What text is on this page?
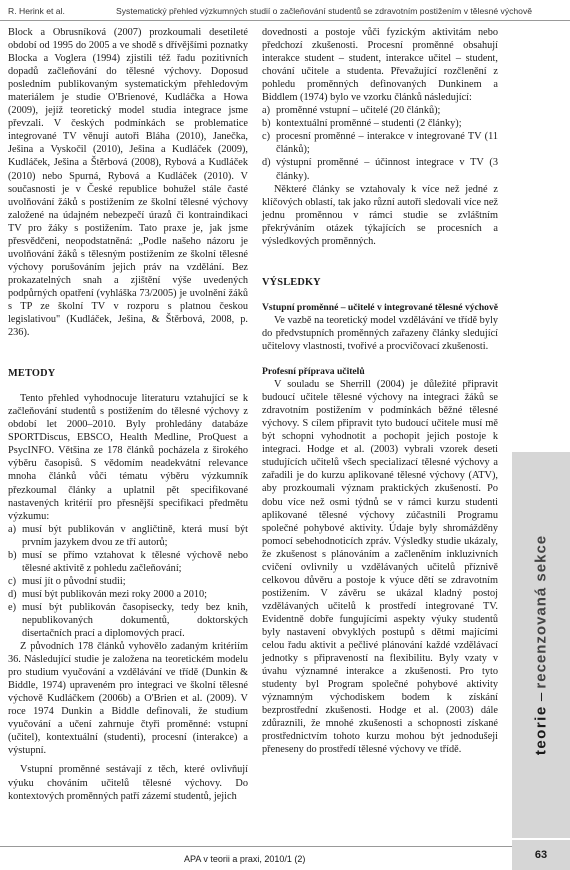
R. Herink et al.	Systematický přehled výzkumných studií o začleňování studentů se zdravotním postižením v tělesné výchově

Block a Obrusníková (2007) prozkoumali desetileté období od 1995 do 2005 a ve shodě s dřívějšími poznatky Blocka a Voglera (1994) zjistili též řadu pozitivních dopadů začleňování do tělesné výchovy. Doposud posledním publikovaným systematickým přehledovým materiálem je studie O'Brienové, Kudláčka a Howa (2009), jejíž teoretický model studia integrace jsme převzali. V českých podmínkách se problematice integrované TV věnují autoři Bláha (2010), Janečka, Ješina a Vyskočil (2010), Ješina a Kudláček (2009), Kudláček, Ješina a Štěrbová (2008), Rybová a Kudláček (2010) nebo Spurná, Rybová a Kudláček (2010). V současnosti je v České republice bohužel stále časté uvolňování žáků s postižením ze školní tělesné výchovy založené na údajném nebezpečí úrazů či kontraindikaci TV pro žáky s postižením. Tato praxe je, jak jsme přesvědčeni, neopodstatněná: „Podle našeho názoru je uvolňování žáků s tělesným postižením ze školní tělesné výchovy porušováním jejich práv na vzdělání. Bez prokazatelných snah a zjištění výše uvedených podpůrných opatření (vyhláška 73/2005) je uvolnění žáků s TP ze školní TV v rozporu s platnou českou legislativou" (Kudláček, Ješina, & Štěrbová, 2008, p. 236).

METODY

Tento přehled vyhodnocuje literaturu vztahující se k začleňování studentů s postižením do tělesné výchovy z období let 2000–2010. Byly prohledány databáze SPORTDiscus, EBSCO, Health Medline, ProQuest a PsycINFO. Většina ze 178 článků pocházela z širokého výběru časopisů. S vědomím neadekvátní relevance mnoha článků vůči tématu výběru výzkumník přezkoumal články a uplatnil pět specifikované nastavených kritérií pro přesnější specifikaci předmětu výzkumu:

a) musí být publikován v angličtině, která musí být prvním jazykem dvou ze tří autorů;
b) musí se přímo vztahovat k tělesné výchově nebo tělesné aktivitě z pohledu začleňování;
c) musí jít o původní studii;
d) musí být publikován mezi roky 2000 a 2010;
e) musí být publikován časopisecky, tedy bez knih, nepublikovaných dokumentů, doktorských disertačních prací a diplomových prací.

Z původních 178 článků vyhovělo zadaným kritériím 36. Následující studie je založena na teoretickém modelu pro studium vyučování a vzdělávání ve třídě (Dunkin & Biddle, 1974) upraveném pro integraci ve školní tělesné výchově Kudláčkem (2006b) a O'Brien et al. (2009). V roce 1974 Dunkin a Biddle definovali, že studium vyučování a učení zahrnuje čtyři proměnné: vstupní (učitel), kontextuální (studenti), procesní (interakce) a výstupní.

Vstupní proměnné sestávají z těch, které ovlivňují výuku chováním učitelů tělesné výchovy. Do kontextových proměnných patří zázemí studentů, jejich

dovednosti a postoje vůči fyzickým aktivitám nebo předchozí zkušenosti. Procesní proměnné obsahují interakce student – student, interakce učitel – student, chování učitele a studenta. Převažující rozčlenění z pohledu proměnných definovaných Dunkinem a Biddlem (1974) bylo ve vzorku článků následující:

a) proměnné vstupní – učitelé (20 článků);
b) kontextuální proměnné – studenti (2 články);
c) procesní proměnné – interakce v integrované TV (11 článků);
d) výstupní proměnné – účinnost integrace v TV (3 články).

Některé články se vztahovaly k více než jedné z klíčových oblastí, tak jako různí autoři sledovali více než jednu proměnnou v rámci studie se zvláštním překrýváním otázek týkajících se procesních a výsledkových proměnných.

VÝSLEDKY
Vstupní proměnné – učitelé v integrované tělesné výchově

Ve vazbě na teoretický model vzdělávání ve třídě byly do předvstupních proměnných zařazeny články sledující učitelovy vlastnosti, tvořivé a procvičovací zkušenosti.

Profesní příprava učitelů

V souladu se Sherrill (2004) je důležité připravit budoucí učitele tělesné výchovy na integraci žáků se zdravotním postižením v podmínkách běžné tělesné výchovy. S cílem připravit tyto budoucí učitele musí mě být schopni vyhodnotit a pochopit jejich postoje k integraci. Hodge et al. (2003) vybrali vzorek deseti studujících učitelů všech specializací tělesné výchovy a zařadili je do kurzu aplikované tělesné výchovy (ATV), aby prozkoumali význam praktických zkušeností. Po dobu více než osmi týdnů se v rámci kurzu studenti aplikované tělesné výchovy zúčastnili Programu společné pohybové aktivity. Údaje byly shromážděny pomocí sebehodnoticích zpráv. Výsledky studie ukázaly, že zkušenost s plánováním a začleněním inkluzivních cvičení ovlivnily u vzdělávaných učitelů příznivě celkovou důvěru a postoje k výuce dětí se zdravotním postižením. V závěru se ukázal kladný postoj vzdělávaných učitelů k prostředí integrované TV. Evidentně dobře fungujícími aspekty výuky studentů byly nastavení obvyklých postupů s dětmi majícími celou řadu aktivit a pečlivé plánování každé vzdělávací jednotky s připraveností na flexibilitu. Byly vzaty v úvahu významné interakce a zkušenosti. Pro tyto studenty byl Program společné pohybové aktivity významným východiskem bodem k získání bezprostřední zkušenosti. Hodge et al. (2003) dále zdůraznili, že mnohé zkušenosti a schopnosti získané prostřednictvím tohoto kurzu mohou být jednodušeji přeneseny do prostředí tělesné výchovy ve třídě.	teorie – recenzovaná sekce
APA v teorii a praxi, 2010/1 (2)	63
